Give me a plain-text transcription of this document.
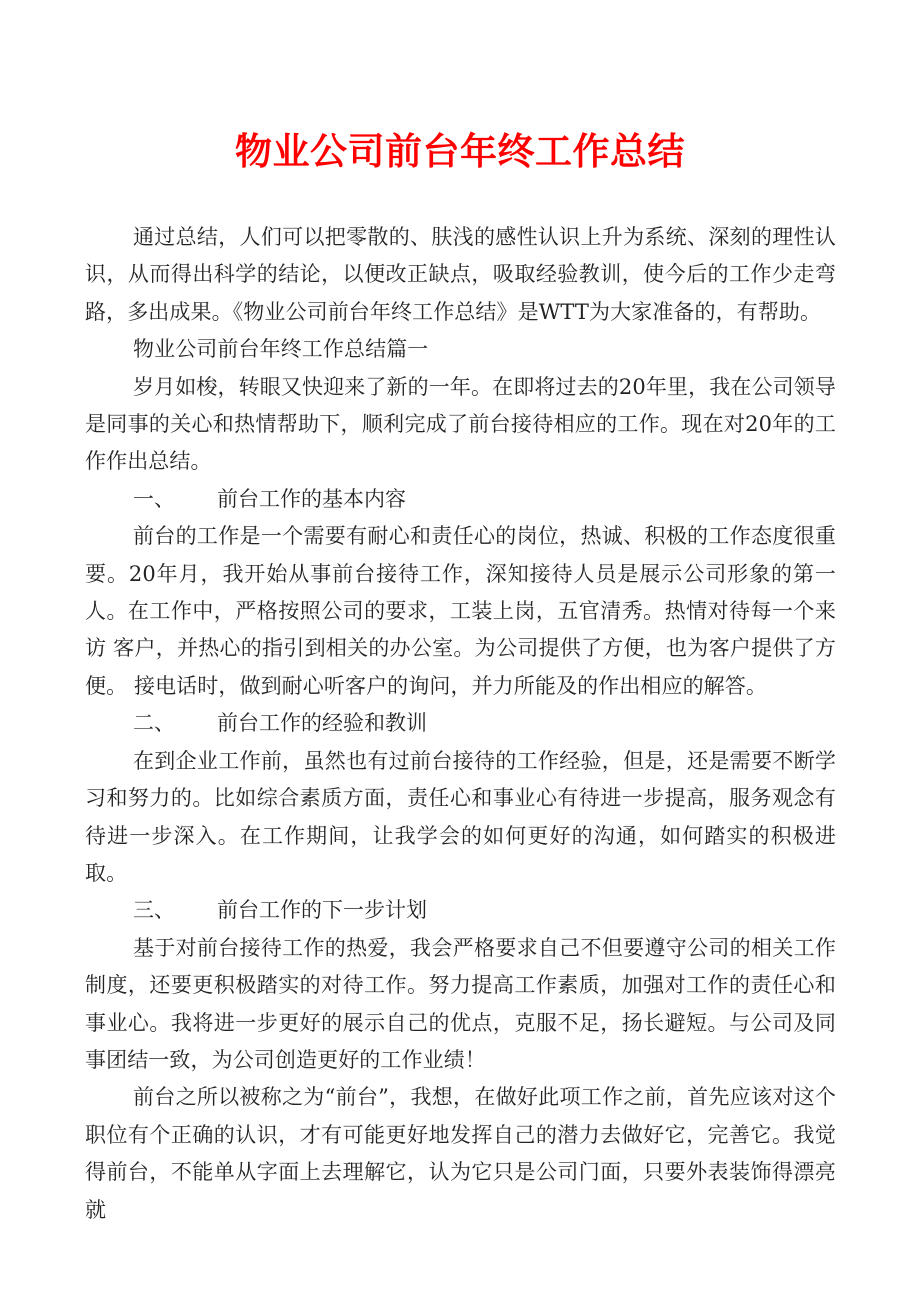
物业公司前台年终工作总结

通过总结，人们可以把零散的、肤浅的感性认识上升为系统、深刻的理性认识，从而得出科学的结论，以便改正缺点，吸取经验教训，使今后的工作少走弯 路，多出成果。《物业公司前台年终工作总结》是WTT为大家准备的，有帮助。

物业公司前台年终工作总结篇一

岁月如梭，转眼又快迎来了新的一年。在即将过去的20年里，我在公司领导是同事的关心和热情帮助下，顺利完成了前台接待相应的工作。现在对20年的工 作作出总结。

一、 前台工作的基本内容

前台的工作是一个需要有耐心和责任心的岗位，热诚、积极的工作态度很重要。20年月，我开始从事前台接待工作，深知接待人员是展示公司形象的第一 人。在工作中，严格按照公司的要求，工装上岗，五官清秀。热情对待每一个来访 客户，并热心的指引到相关的办公室。为公司提供了方便，也为客户提供了方便。 接电话时，做到耐心听客户的询问，并力所能及的作出相应的解答。

二、 前台工作的经验和教训

在到企业工作前，虽然也有过前台接待的工作经验，但是，还是需要不断学习和努力的。比如综合素质方面，责任心和事业心有待进一步提高，服务观念有待进一步深入。在工作期间，让我学会的如何更好的沟通，如何踏实的积极进取。

三、 前台工作的下一步计划

基于对前台接待工作的热爱，我会严格要求自己不但要遵守公司的相关工作制度，还要更积极踏实的对待工作。努力提高工作素质，加强对工作的责任心和事业心。我将进一步更好的展示自己的优点，克服不足，扬长避短。与公司及同事团结一致，为公司创造更好的工作业绩！

前台之所以被称之为“前台”，我想，在做好此项工作之前，首先应该对这个职位有个正确的认识，才有可能更好地发挥自己的潜力去做好它，完善它。我觉得前台，不能单从字面上去理解它，认为它只是公司门面，只要外表装饰得漂亮就
